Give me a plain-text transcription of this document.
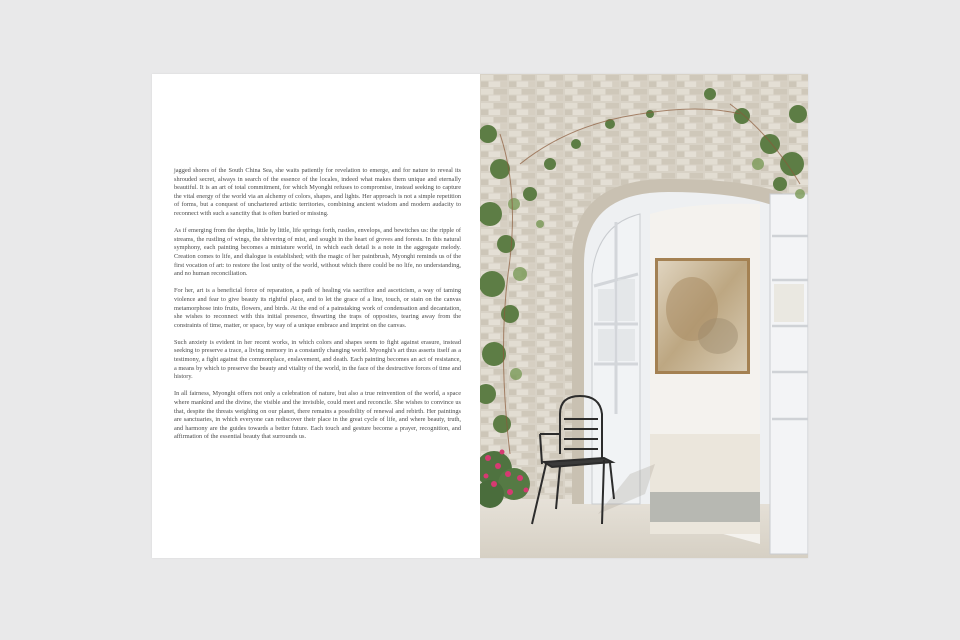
jagged shores of the South China Sea, she waits patiently for revelation to emerge, and for nature to reveal its shrouded secret, always in search of the essence of the locales, indeed what makes them unique and eternally beautiful. It is an art of total commitment, for which Myonghi refuses to compromise, instead seeking to capture the vital energy of the world via an alchemy of colors, shapes, and lights. Her approach is not a simple repetition of forms, but a conquest of unchartered artistic territories, combining ancient wisdom and modern audacity to reconnect with such a sanctity that is often buried or missing.

As if emerging from the depths, little by little, life springs forth, rustles, envelops, and bewitches us: the ripple of streams, the rustling of wings, the shivering of mist, and sought in the heart of groves and forests. In this natural symphony, each painting becomes a miniature world, in which each detail is a note in the aggregate melody. Creation comes to life, and dialogue is established; with the magic of her paintbrush, Myonghi reminds us of the first vocation of art: to restore the lost unity of the world, without which there could be no life, no understanding, and no human reconciliation.

For her, art is a beneficial force of reparation, a path of healing via sacrifice and asceticism, a way of taming violence and fear to give beauty its rightful place, and to let the grace of a line, touch, or stain on the canvas metamorphose into fruits, flowers, and birds. At the end of a painstaking work of condensation and decantation, she wishes to reconnect with this initial presence, thwarting the traps of opposites, tearing away from the constraints of time, matter, or space, by way of a unique embrace and imprint on the canvas.

Such anxiety is evident in her recent works, in which colors and shapes seem to fight against erasure, instead seeking to preserve a trace, a living memory in a constantly changing world. Myonghi's art thus asserts itself as a testimony, a fight against the commonplace, enslavement, and death. Each painting becomes an act of resistance, a means by which to preserve the beauty and vitality of the world, in the face of the destructive forces of time and history.

In all fairness, Myonghi offers not only a celebration of nature, but also a true reinvention of the world, a space where mankind and the divine, the visible and the invisible, could meet and reconcile. She wishes to convince us that, despite the threats weighing on our planet, there remains a possibility of renewal and rebirth. Her paintings are sanctuaries, in which everyone can rediscover their place in the great cycle of life, and where beauty, truth, and harmony are the guides towards a better future. Each touch and gesture become a prayer, recognition, and affirmation of the essential beauty that surrounds us.
